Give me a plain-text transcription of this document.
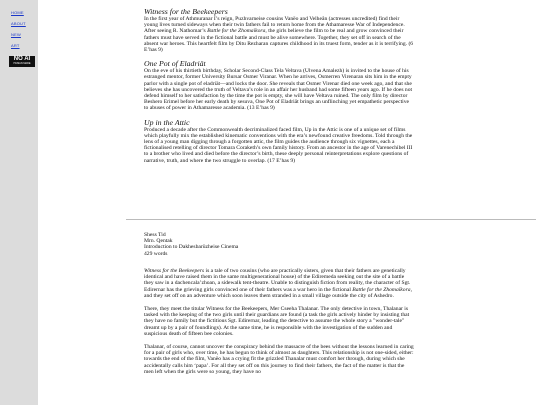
HOME
ABOUT
NEW
ART
NO AI
HUMAN MADE
Witness for the Beekeepers

In the first year of Athmuranar I’s reign, Puzhvarneise cousins Vanëo and Velheân (actresses uncredited) find their young lives turned sideways when their twin fathers fail to return home from the Athamaresse War of Independence. After seeing R. Nathomar’s Battle for the Zhomaïkora, the girls believe the film to be real and grow convinced their fathers must have served in the fictional battle and must be alive somewhere. Together, they set off in search of the absent war heroes. This heartfelt film by Ditu Rezharan captures childhood in its truest form, tender as it is terrifying. (6 E’has 9)

One Pot of Eladriät

On the eve of his thirtieth birthday, Scholar Second-Class Tela Veltava (Ulvena Amalezh) is invited to the house of his estranged mentor, former University Bursar Osmer Viranar. When he arrives, Osmerren Virenaran sits him in the empty parlor with a single pot of eladriät—and locks the door. She reveals that Osmer Virenar died one week ago, and that she believes she has uncovered the truth of Veltava’s role in an affair her husband had some fifteen years ago. If he does not defend himself to her satisfaction by the time the pot is empty, she will have Veltava ruined. The only film by director Beshero Erimel before her early death by sesuva, One Pot of Eladriät brings an unflinching yet empathetic perspective to abuses of power in Athamaresse academia. (13 E’has 9)

Up in the Attic

Produced a decade after the Commonwealth decriminalized faced film, Up in the Attic is one of a unique set of films which playfully mix the established kinematic conventions with the era’s newfound creative freedoms. Told through the lens of a young man digging through a forgotten attic, the film guides the audience through six vignettes, each a fictionalised retelling of director Tomara Coraketh’s own family history. From an ancestor in the age of Varenechibel III to a brother who lived and died before the director’s birth, these deeply personal reinterpretations explore questions of narrative, truth, and where the two struggle to overlap. (17 E’has 9)

Shess Tid
Mrn. Qentak
Introduction to Dakhesbarüzheise Cinema
429 words

Witness for the Beekeepers is a tale of two cousins (who are practically sisters, given that their fathers are genetically identical and have raised them in the same multigenerational house) of the Ediremeda seeking out the site of a battle they saw in a dachencala’zhoan, a sidewalk tent-theatre. Unable to distinguish fiction from reality, the character of Sgt. Edirernar has the grieving girls convinced one of their fathers was a war hero in the fictional Battle for the Zhomaïkora, and they set off on an adventure which soon leaves them stranded in a small village outside the city of Ashedro.

There, they meet the titular Witness for the Beekeepers, Mer Cseeha Thalanar. The only detective in town, Thalanar is tasked with the keeping of the two girls until their guardians are found (a task the girls actively hinder by insisting that they have no family but the fictitious Sgt. Edirernar, leading the detective to assume the whole story a "wonder-tale" dreamt up by a pair of foundlings). At the same time, he is responsible with the investigation of the sudden and suspicious death of fifteen bee colonies.

Thalanar, of course, cannot uncover the conspiracy behind the massacre of the bees without the lessons learned in caring for a pair of girls who, over time, he has begun to think of almost as daughters. This relationship is not one-sided, either: towards the end of the film, Vanëo has a crying fit the grizzled Thanalar must comfort her through, during which she accidentally calls him ‘papa’. For all they set off on this journey to find their fathers, the fact of the matter is that the men left when the girls were so young, they have no
